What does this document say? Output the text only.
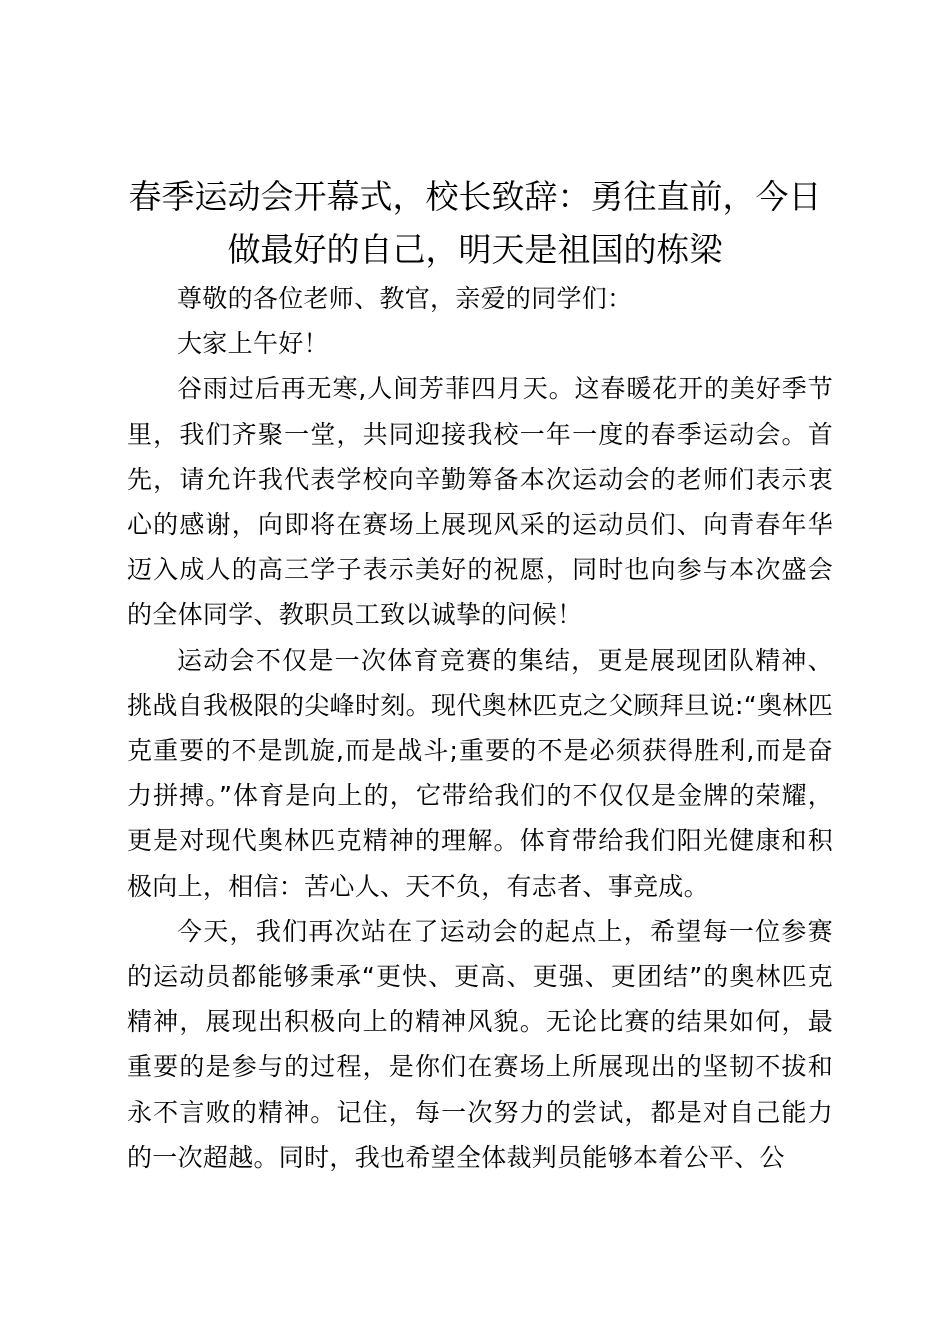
春季运动会开幕式，校长致辞：勇往直前，今日做最好的自己，明天是祖国的栋梁

尊敬的各位老师、教官，亲爱的同学们：

大家上午好！

谷雨过后再无寒,人间芳菲四月天。这春暖花开的美好季节里，我们齐聚一堂，共同迎接我校一年一度的春季运动会。首先，请允许我代表学校向辛勤筹备本次运动会的老师们表示衷心的感谢，向即将在赛场上展现风采的运动员们、向青春年华迈入成人的高三学子表示美好的祝愿，同时也向参与本次盛会的全体同学、教职员工致以诚挚的问候！

运动会不仅是一次体育竞赛的集结，更是展现团队精神、挑战自我极限的尖峰时刻。现代奥林匹克之父顾拜旦说:“奥林匹克重要的不是凯旋,而是战斗;重要的不是必须获得胜利,而是奋力拼搏。”体育是向上的，它带给我们的不仅仅是金牌的荣耀，更是对现代奥林匹克精神的理解。体育带给我们阳光健康和积极向上，相信：苦心人、天不负，有志者、事竞成。

今天，我们再次站在了运动会的起点上，希望每一位参赛的运动员都能够秉承“更快、更高、更强、更团结”的奥林匹克精神，展现出积极向上的精神风貌。无论比赛的结果如何，最重要的是参与的过程，是你们在赛场上所展现出的坚韧不拔和永不言败的精神。记住，每一次努力的尝试，都是对自己能力的一次超越。同时，我也希望全体裁判员能够本着公平、公
